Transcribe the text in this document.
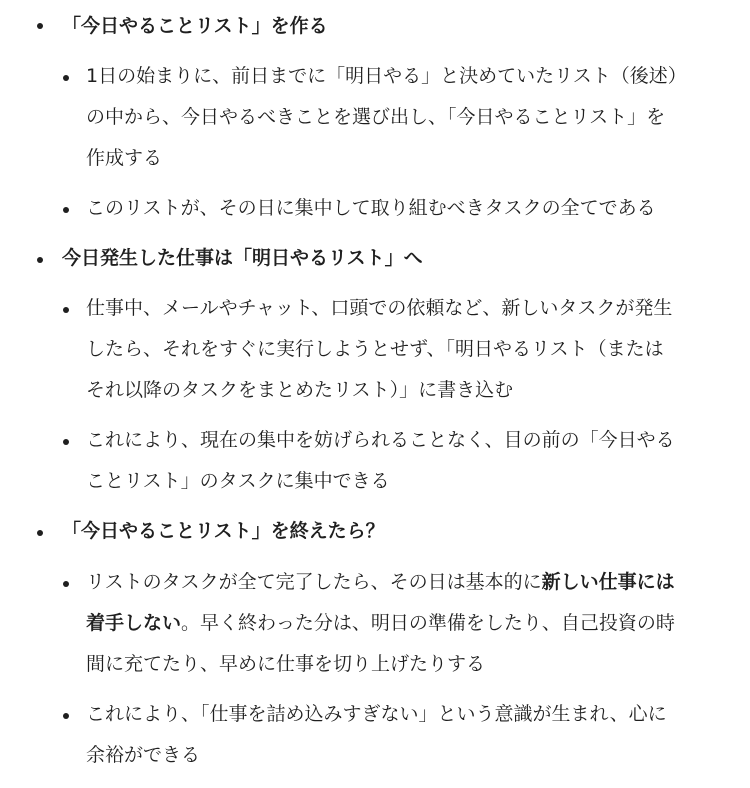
「今日やることリスト」を作る

1日の始まりに、前日までに「明日やる」と決めていたリスト（後述）
の中から、今日やるべきことを選び出し、「今日やることリスト」を
作成する

このリストが、その日に集中して取り組むべきタスクの全てである

今日発生した仕事は「明日やるリスト」へ

仕事中、メールやチャット、口頭での依頼など、新しいタスクが発生
したら、それをすぐに実行しようとせず、「明日やるリスト（または
それ以降のタスクをまとめたリスト）」に書き込む

これにより、現在の集中を妨げられることなく、目の前の「今日やる
ことリスト」のタスクに集中できる

「今日やることリスト」を終えたら？

リストのタスクが全て完了したら、その日は基本的に新しい仕事には
着手しない。早く終わった分は、明日の準備をしたり、自己投資の時
間に充てたり、早めに仕事を切り上げたりする

これにより、「仕事を詰め込みすぎない」という意識が生まれ、心に
余裕ができる
